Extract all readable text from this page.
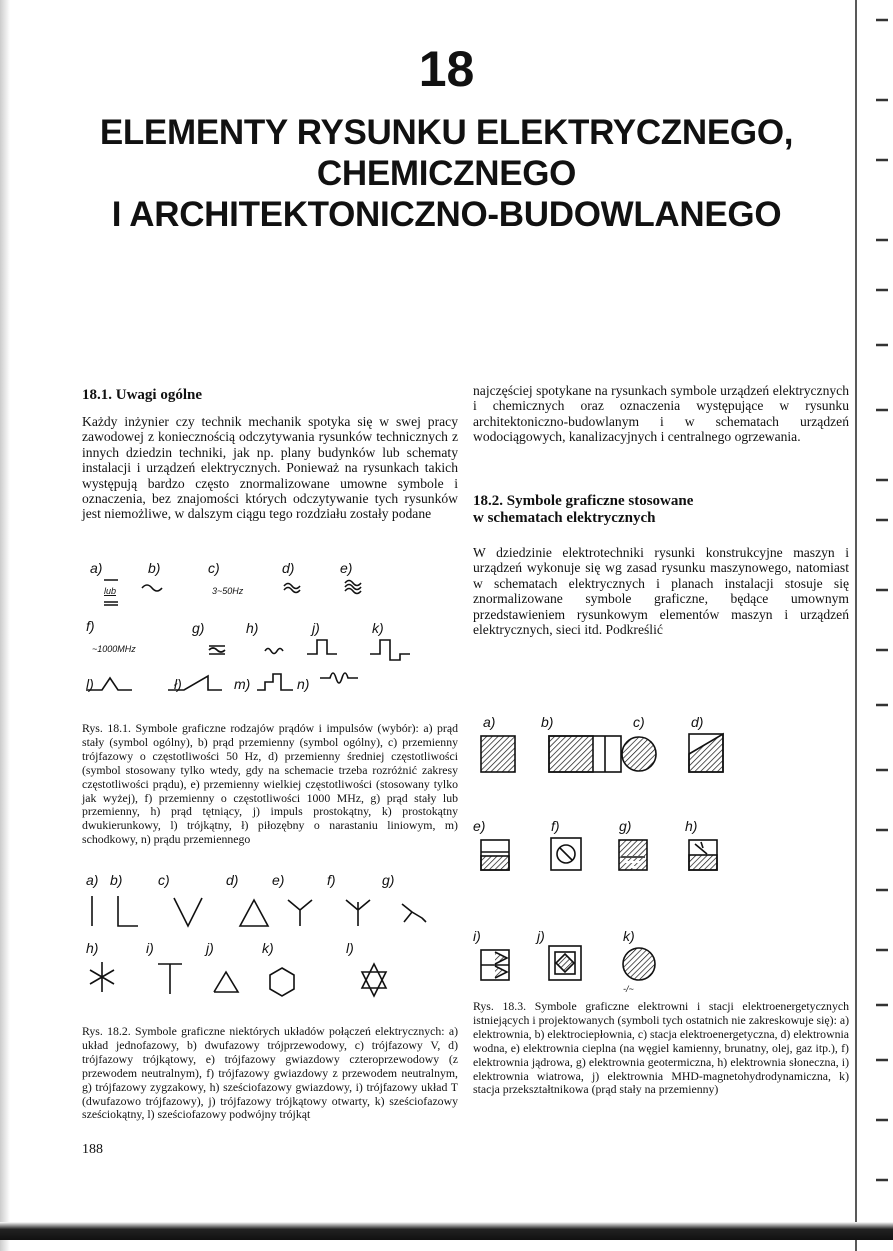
18
ELEMENTY RYSUNKU ELEKTRYCZNEGO,
CHEMICZNEGO
I ARCHITEKTONICZNO-BUDOWLANEGO
18.1. Uwagi ogólne
Każdy inżynier czy technik mechanik spotyka się w swej pracy zawodowej z koniecznością odczytywania rysunków technicznych z innych dziedzin techniki, jak np. plany budynków lub schematy instalacji i urządzeń elektrycznych. Ponieważ na rysunkach takich występują bardzo często znormalizowane umowne symbole i oznaczenia, bez znajomości których odczytywanie tych rysunków jest niemożliwe, w dalszym ciągu tego rozdziału zostały podane
a)	b)	c)	d)	e)
lub	3~50Hz
f)	g)	h)	j)	k)
~1000MHz
l)	ł)	m)	n)
Rys. 18.1. Symbole graficzne rodzajów prądów i impulsów (wybór): a) prąd stały (symbol ogólny), b) prąd przemienny (symbol ogólny), c) przemienny trójfazowy o częstotliwości 50 Hz, d) przemienny średniej częstotliwości (symbol stosowany tylko wtedy, gdy na schemacie trzeba rozróżnić zakresy częstotliwości prądu), e) przemienny wielkiej częstotliwości (stosowany tylko jak wyżej), f) przemienny o częstotliwości 1000 MHz, g) prąd stały lub przemienny, h) prąd tętniący, j) impuls prostokątny, k) prostokątny dwukierunkowy, l) trójkątny, ł) piłozębny o narastaniu liniowym, m) schodkowy, n) prądu przemiennego
a) b)	c)	d) e)	f)	g)
h)	i)	j)	k)	l)
Rys. 18.2. Symbole graficzne niektórych układów połączeń elektrycznych: a) układ jednofazowy, b) dwufazowy trójprzewodowy, c) trójfazowy V, d) trójfazowy trójkątowy, e) trójfazowy gwiazdowy czteroprzewodowy (z przewodem neutralnym), f) trójfazowy gwiazdowy z przewodem neutralnym, g) trójfazowy zygzakowy, h) sześciofazowy gwiazdowy, i) trójfazowy układ T (dwufazowo trójfazowy), j) trójfazowy trójkątowy otwarty, k) sześciofazowy sześciokątny, l) sześciofazowy podwójny trójkąt
188
najczęściej spotykane na rysunkach symbole urządzeń elektrycznych i chemicznych oraz oznaczenia występujące w rysunku architektoniczno-budowlanym i w schematach urządzeń wodociągowych, kanalizacyjnych i centralnego ogrzewania.
18.2. Symbole graficzne stosowane
w schematach elektrycznych
W dziedzinie elektrotechniki rysunki konstrukcyjne maszyn i urządzeń wykonuje się wg zasad rysunku maszynowego, natomiast w schematach elektrycznych i planach instalacji stosuje się znormalizowane symbole graficzne, będące umownym przedstawieniem rysunkowym elementów maszyn i urządzeń elektrycznych, sieci itd. Podkreślić
a)	b)	c)	d)
e)	f)	g)	h)
i)	j)	k)
-/~
Rys. 18.3. Symbole graficzne elektrowni i stacji elektroenergetycznych istniejących i projektowanych (symboli tych ostatnich nie zakreskowuje się): a) elektrownia, b) elektrociepłownia, c) stacja elektroenergetyczna, d) elektrownia wodna, e) elektrownia cieplna (na węgiel kamienny, brunatny, olej, gaz itp.), f) elektrownia jądrowa, g) elektrownia geotermiczna, h) elektrownia słoneczna, i) elektrownia wiatrowa, j) elektrownia MHD-magnetohydrodynamiczna, k) stacja przekształtnikowa (prąd stały na przemienny)
